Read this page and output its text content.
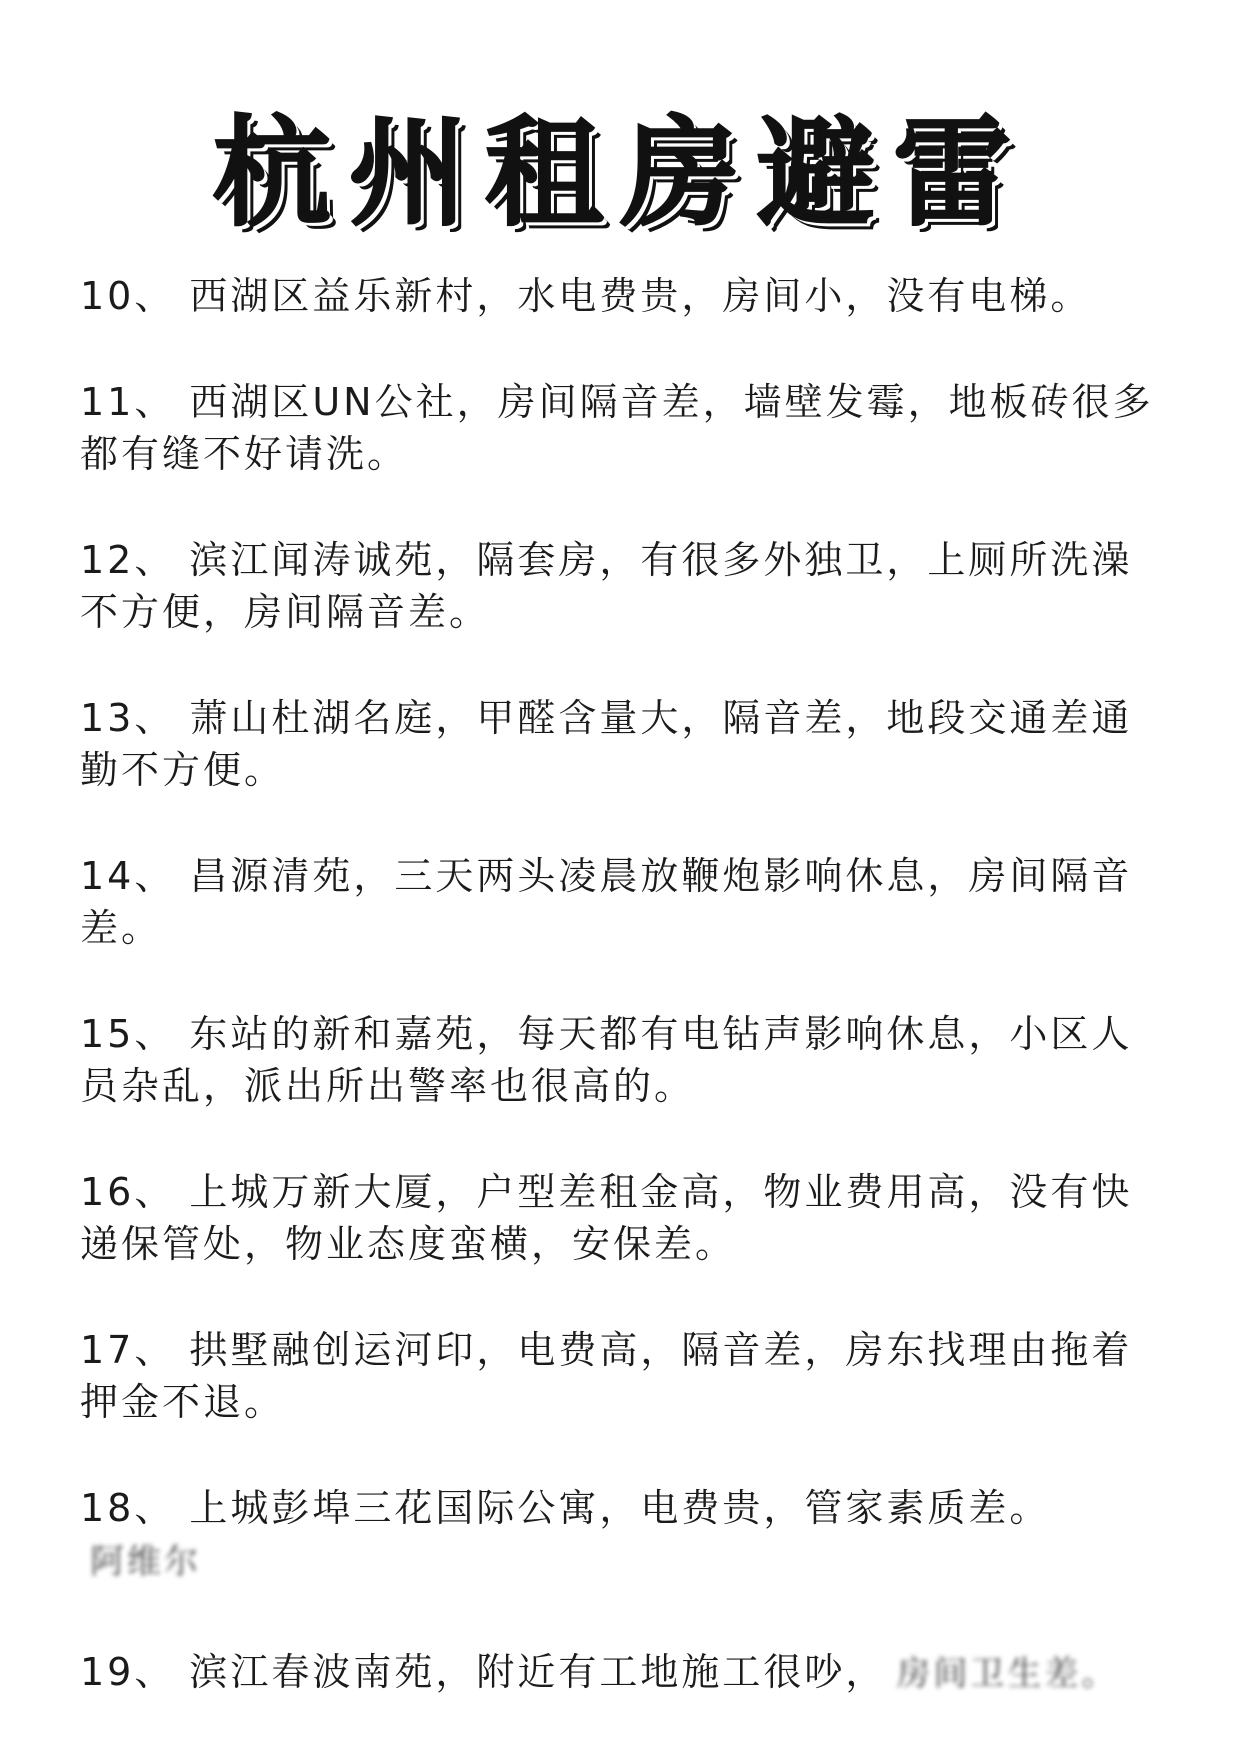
杭州租房避雷

10、 西湖区益乐新村，水电费贵，房间小，没有电梯。

11、 西湖区UN公社，房间隔音差，墙壁发霉，地板砖很多都有缝不好请洗。

12、 滨江闻涛诚苑，隔套房，有很多外独卫，上厕所洗澡不方便，房间隔音差。

13、 萧山杜湖名庭，甲醛含量大，隔音差，地段交通差通勤不方便。

14、 昌源清苑，三天两头凌晨放鞭炮影响休息，房间隔音差。

15、 东站的新和嘉苑，每天都有电钻声影响休息，小区人员杂乱，派出所出警率也很高的。

16、 上城万新大厦，户型差租金高，物业费用高，没有快递保管处，物业态度蛮横，安保差。

17、 拱墅融创运河印，电费高，隔音差，房东找理由拖着押金不退。

18、 上城彭埠三花国际公寓，电费贵，管家素质差。阿维尔

19、 滨江春波南苑，附近有工地施工很吵， 房间卫生差。
